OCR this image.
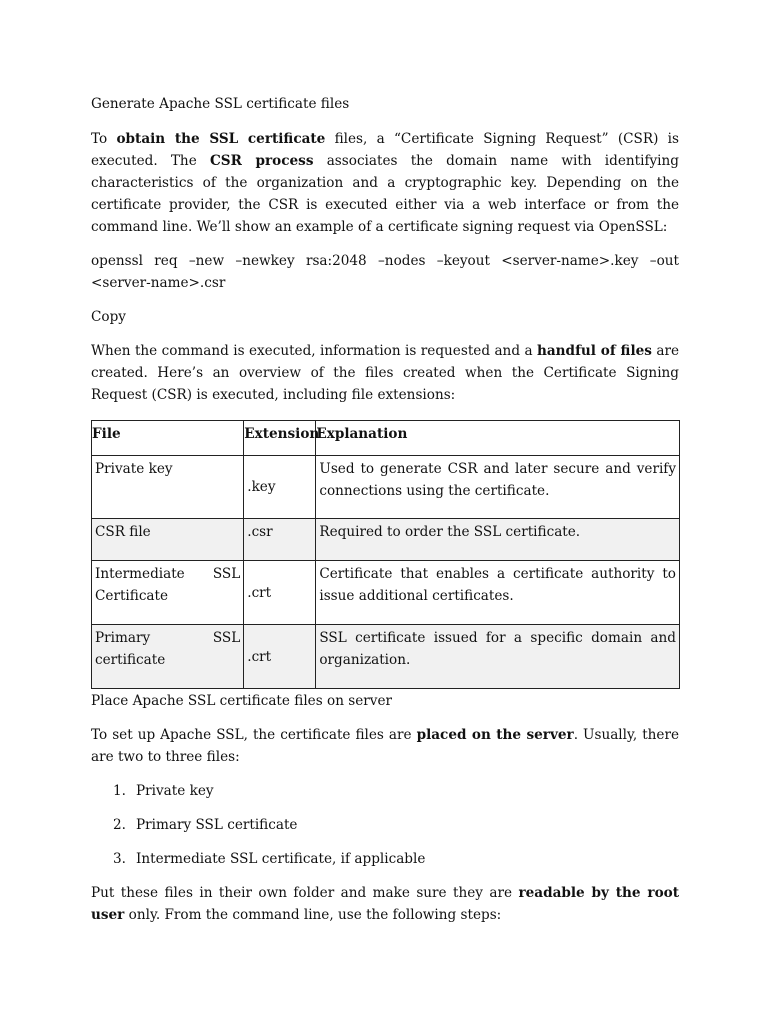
Generate Apache SSL certificate files

To obtain the SSL certificate files, a “Certificate Signing Request” (CSR) is executed. The CSR process associates the domain name with identifying characteristics of the organization and a cryptographic key. Depending on the certificate provider, the CSR is executed either via a web interface or from the command line. We’ll show an example of a certificate signing request via OpenSSL:

openssl req –new –newkey rsa:2048 –nodes –keyout <server-name>.key –out <server-name>.csr

Copy

When the command is executed, information is requested and a handful of files are created. Here’s an overview of the files created when the Certificate Signing Request (CSR) is executed, including file extensions:

File	Extension	Explanation

Private key	.key	Used to generate CSR and later secure and verify connections using the certificate.

CSR file	.csr	Required to order the SSL certificate.

Intermediate SSL Certificate	.crt	Certificate that enables a certificate authority to issue additional certificates.

Primary SSL certificate	.crt	SSL certificate issued for a specific domain and organization.

Place Apache SSL certificate files on server

To set up Apache SSL, the certificate files are placed on the server. Usually, there are two to three files:

1. Private key
2. Primary SSL certificate
3. Intermediate SSL certificate, if applicable

Put these files in their own folder and make sure they are readable by the root user only. From the command line, use the following steps:
